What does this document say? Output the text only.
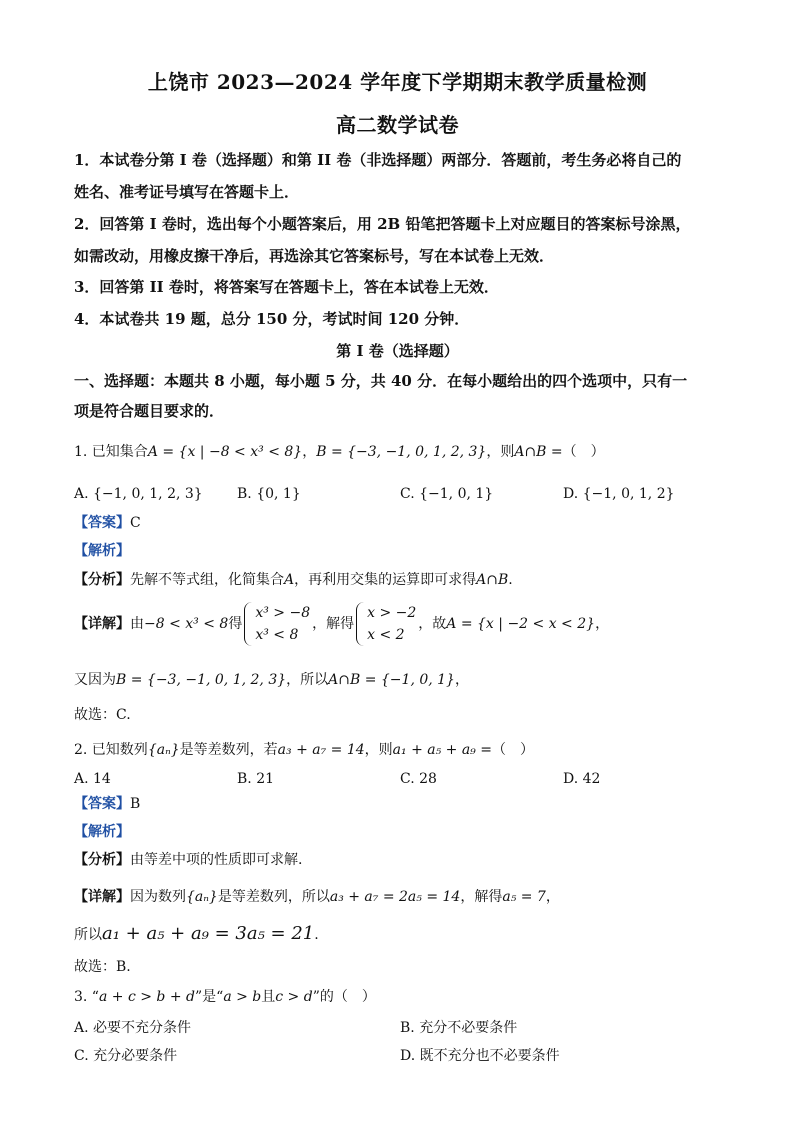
上饶市 2023—2024 学年度下学期期末教学质量检测
高二数学试卷
1．本试卷分第 I 卷（选择题）和第 II 卷（非选择题）两部分．答题前，考生务必将自己的
姓名、准考证号填写在答题卡上．
2．回答第 I 卷时，选出每个小题答案后，用 2B 铅笔把答题卡上对应题目的答案标号涂黑，
如需改动，用橡皮擦干净后，再选涂其它答案标号，写在本试卷上无效．
3．回答第 II 卷时，将答案写在答题卡上，答在本试卷上无效．
4．本试卷共 19 题，总分 150 分，考试时间 120 分钟．
第 I 卷（选择题）
一、选择题：本题共 8 小题，每小题 5 分，共 40 分．在每小题给出的四个选项中，只有一
项是符合题目要求的．
1. 已知集合A = {x | −8 < x³ < 8}，B = {−3, −1, 0, 1, 2, 3}，则A∩B =（　）
A. {−1, 0, 1, 2, 3} B. {0, 1}	C. {−1, 0, 1}	D. {−1, 0, 1, 2}
【答案】C
【解析】
【分析】先解不等式组，化简集合A，再利用交集的运算即可求得A∩B.
【详解】由−8 < x³ < 8得x³ > −8
x³ < 8，解得x > −2
x < 2，故A = {x | −2 < x < 2}，
又因为B = {−3, −1, 0, 1, 2, 3}，所以A∩B = {−1, 0, 1}，
故选：C.
2. 已知数列{aₙ}是等差数列，若a₃ + a₇ = 14，则a₁ + a₅ + a₉ =（　）
A. 14	B. 21	C. 28	D. 42
【答案】B
【解析】
【分析】由等差中项的性质即可求解.
【详解】因为数列{aₙ}是等差数列，所以a₃ + a₇ = 2a₅ = 14，解得a₅ = 7，
所以a₁ + a₅ + a₉ = 3a₅ = 21.
故选：B.
3. “a + c > b + d”是“a > b且c > d”的（　）
A. 必要不充分条件	B. 充分不必要条件
C. 充分必要条件	D. 既不充分也不必要条件
